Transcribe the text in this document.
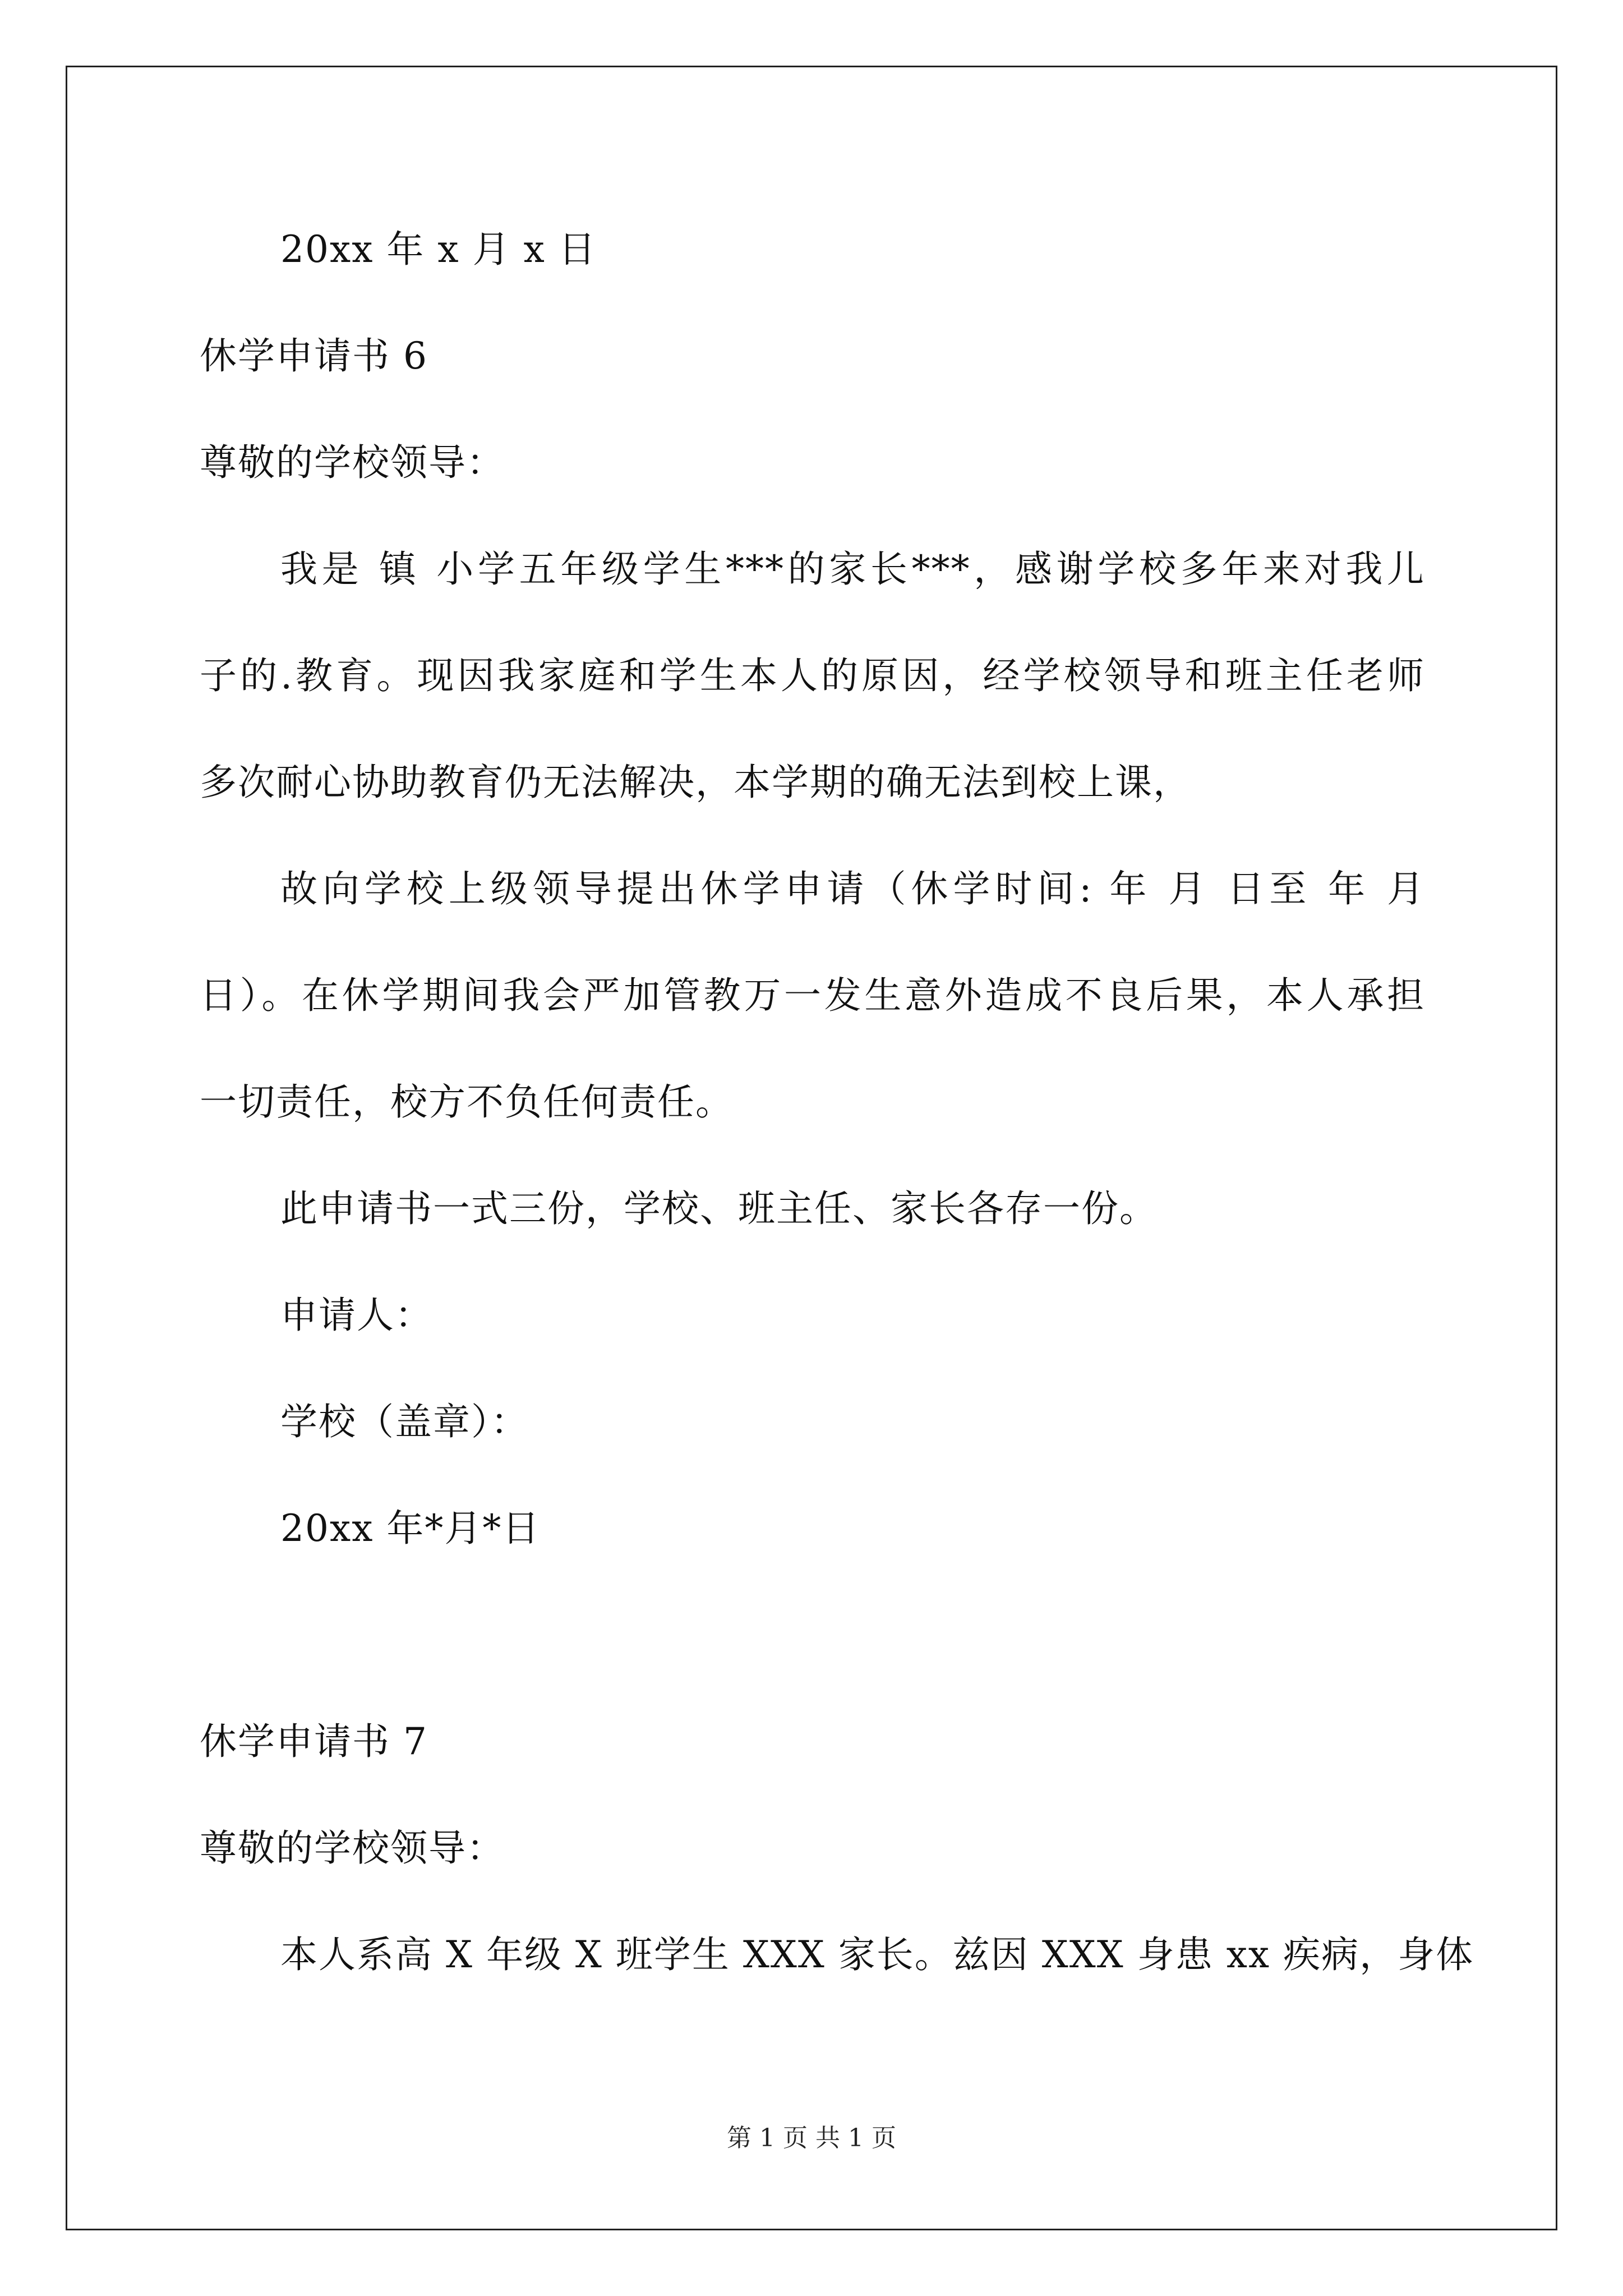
20xx 年 x 月 x 日
休学申请书 6
尊敬的学校领导：
我是 镇 小学五年级学生***的家长***，感谢学校多年来对我儿
子的.教育。现因我家庭和学生本人的原因，经学校领导和班主任老师
多次耐心协助教育仍无法解决，本学期的确无法到校上课，
故向学校上级领导提出休学申请（休学时间: 年 月 日至 年 月
日）。在休学期间我会严加管教万一发生意外造成不良后果，本人承担
一切责任，校方不负任何责任。
此申请书一式三份，学校、班主任、家长各存一份。
申请人：
学校（盖章）：
20xx 年*月*日
休学申请书 7
尊敬的学校领导：
本人系高 X 年级 X 班学生 XXX 家长。兹因 XXX 身患 xx 疾病，身体
第 1 页 共 1 页
